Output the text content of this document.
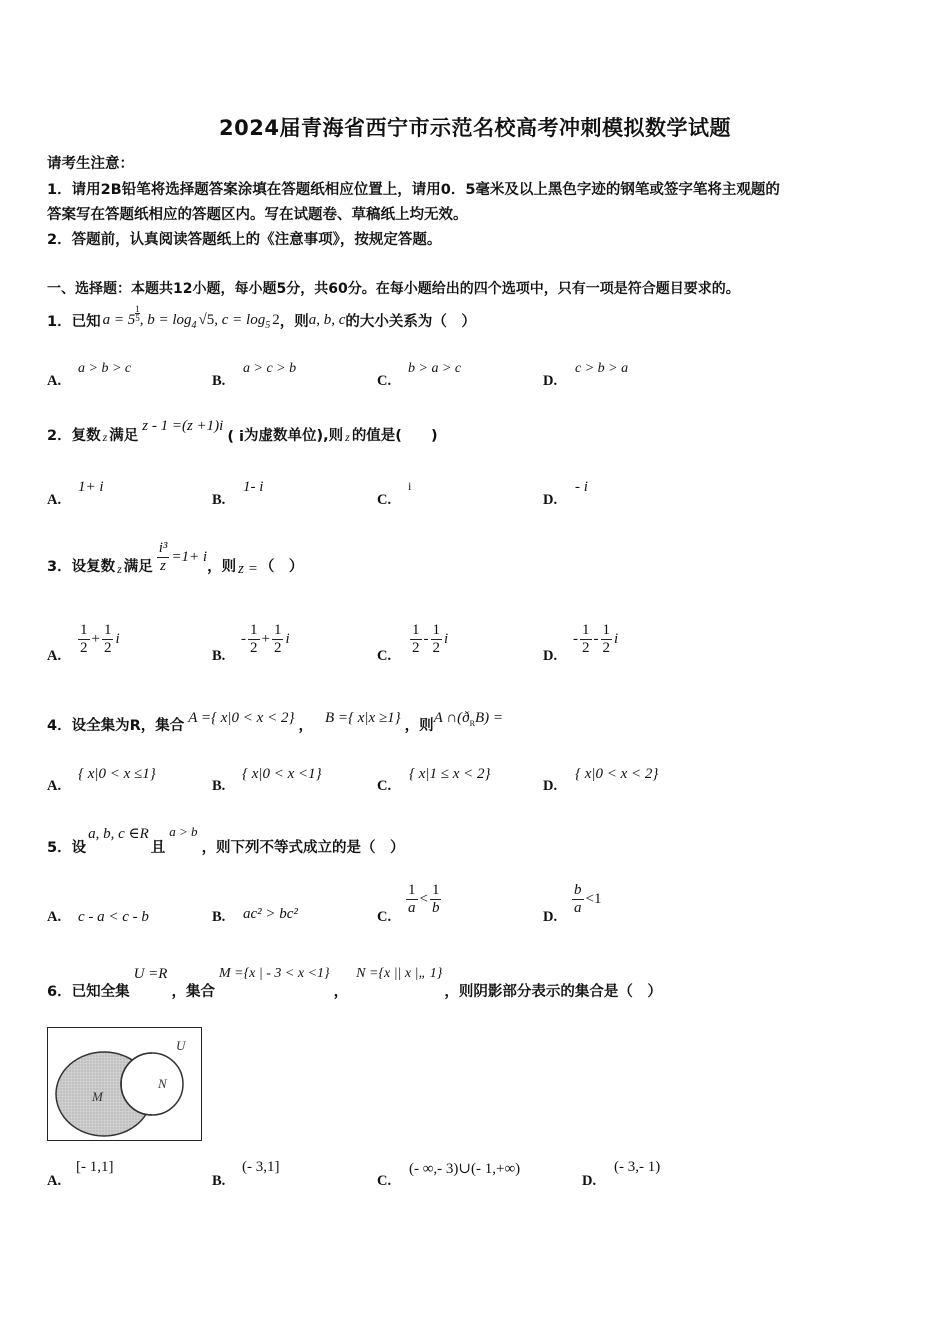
2024届青海省西宁市示范名校高考冲刺模拟数学试题
请考生注意：
1．请用2B铅笔将选择题答案涂填在答题纸相应位置上，请用0．5毫米及以上黑色字迹的钢笔或签字笔将主观题的
答案写在答题纸相应的答题区内。写在试题卷、草稿纸上均无效。
2．答题前，认真阅读答题纸上的《注意事项》，按规定答题。
一、选择题：本题共12小题，每小题5分，共60分。在每小题给出的四个选项中，只有一项是符合题目要求的。
1．已知 a = 5 $^{\frac{1}{5}}$ , $b = \log_4 √5$, $c = \log_5 2$ ，则 a, b, c 的大小关系为（　）
A.
a > b > c
B.
a > c > b
C.
b > a > c
D.
c > b > a
2．复数 z 满足
z - 1 =(z +1)i
( i 为虚数单位),则 z 的值是(　　)
A.
1+ i
B.
1- i
C.
i
D.
- i
3．设复数 z 满足 $\frac{\text{i³}}{z} =1+ i$
，则 z = （　）
A. $\frac{1}{2} + \frac{1}{2}$ i
B.
- $\frac{1}{2} + \frac{1}{2}$ i
C. $\frac{1}{2} - \frac{1}{2}$ i
D.
- $\frac{1}{2} - \frac{1}{2}$ i
4．设全集为R，集合 A ={ x|0 < x < 2} ， B ={ x|x ≥1} ，则
A $\cap(ð_RB)$ =
A.
{ x|0 < x ≤1}
B.
{ x|0 < x <1}
C.
{ x|1 ≤ x < 2}
D.
{ x|0 < x < 2}
5．设
a, b, c ∈R
且
a > b
，则下列不等式成立的是（　）
A. c - a < c - b	B. ac² > bc²	C. $\frac{1}{a} < \frac{1}{b}$	D. $\frac{b}{a} <1$
6．已知全集
U =R
，集合
M ={x | - 3 < x <1}
，
N ={x || x |„ 1}
，则阴影部分表示的集合是（　）
M
N
U
A.
[- 1,1]
B.
(- 3,1]
C.
(- ∞,- 3)∪(- 1,+∞)
D.
(- 3,- 1)
